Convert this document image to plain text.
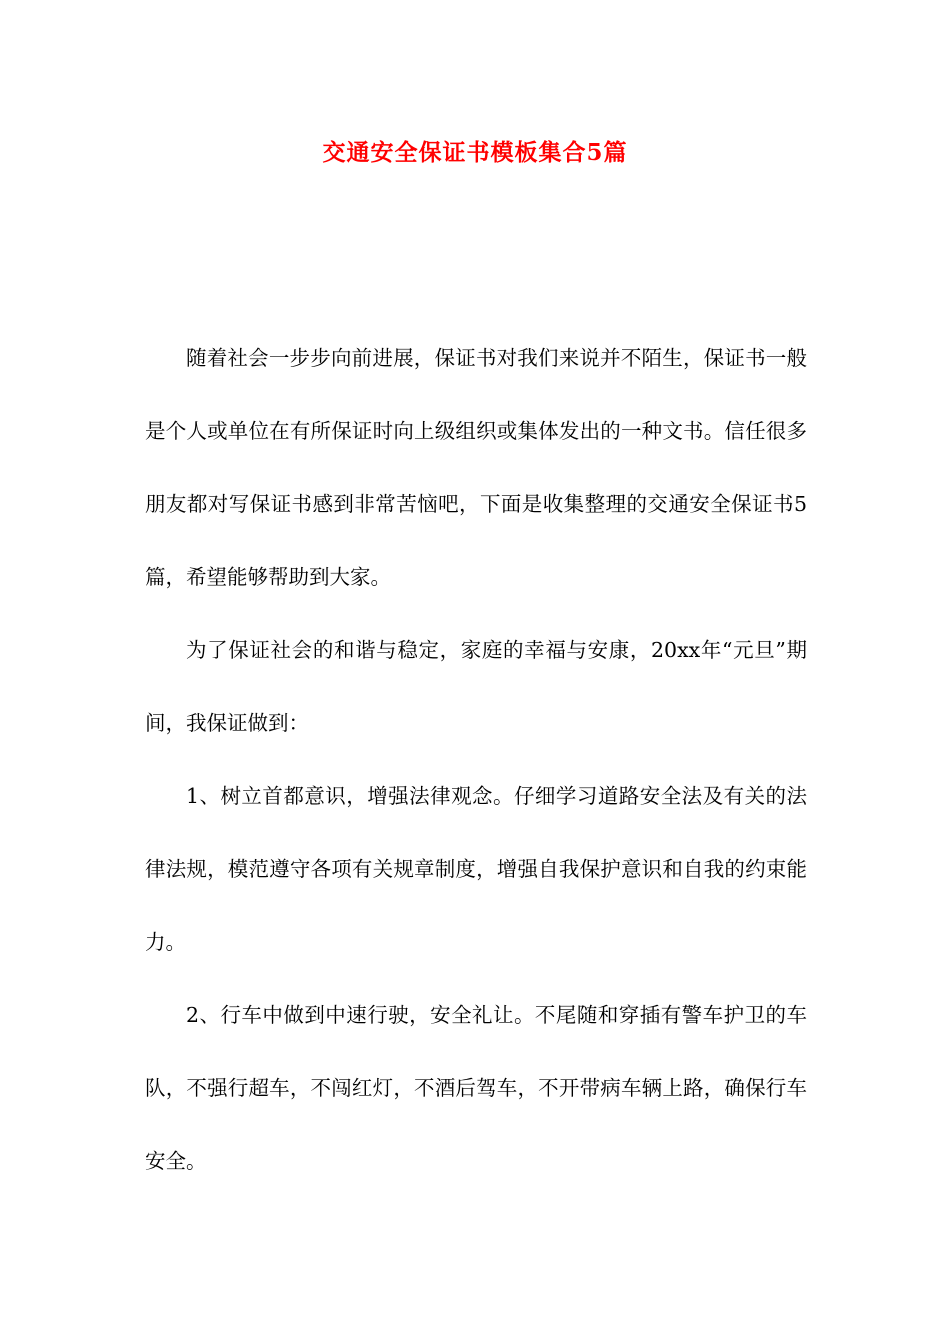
交通安全保证书模板集合5篇

随着社会一步步向前进展，保证书对我们来说并不陌生，保证书一般是个人或单位在有所保证时向上级组织或集体发出的一种文书。信任很多朋友都对写保证书感到非常苦恼吧，下面是收集整理的交通安全保证书5篇，希望能够帮助到大家。

为了保证社会的和谐与稳定，家庭的幸福与安康，20xx年“元旦”期间，我保证做到：

1、树立首都意识，增强法律观念。仔细学习道路安全法及有关的法律法规，模范遵守各项有关规章制度，增强自我保护意识和自我的约束能力。

2、行车中做到中速行驶，安全礼让。不尾随和穿插有警车护卫的车队，不强行超车，不闯红灯，不酒后驾车，不开带病车辆上路，确保行车安全。
